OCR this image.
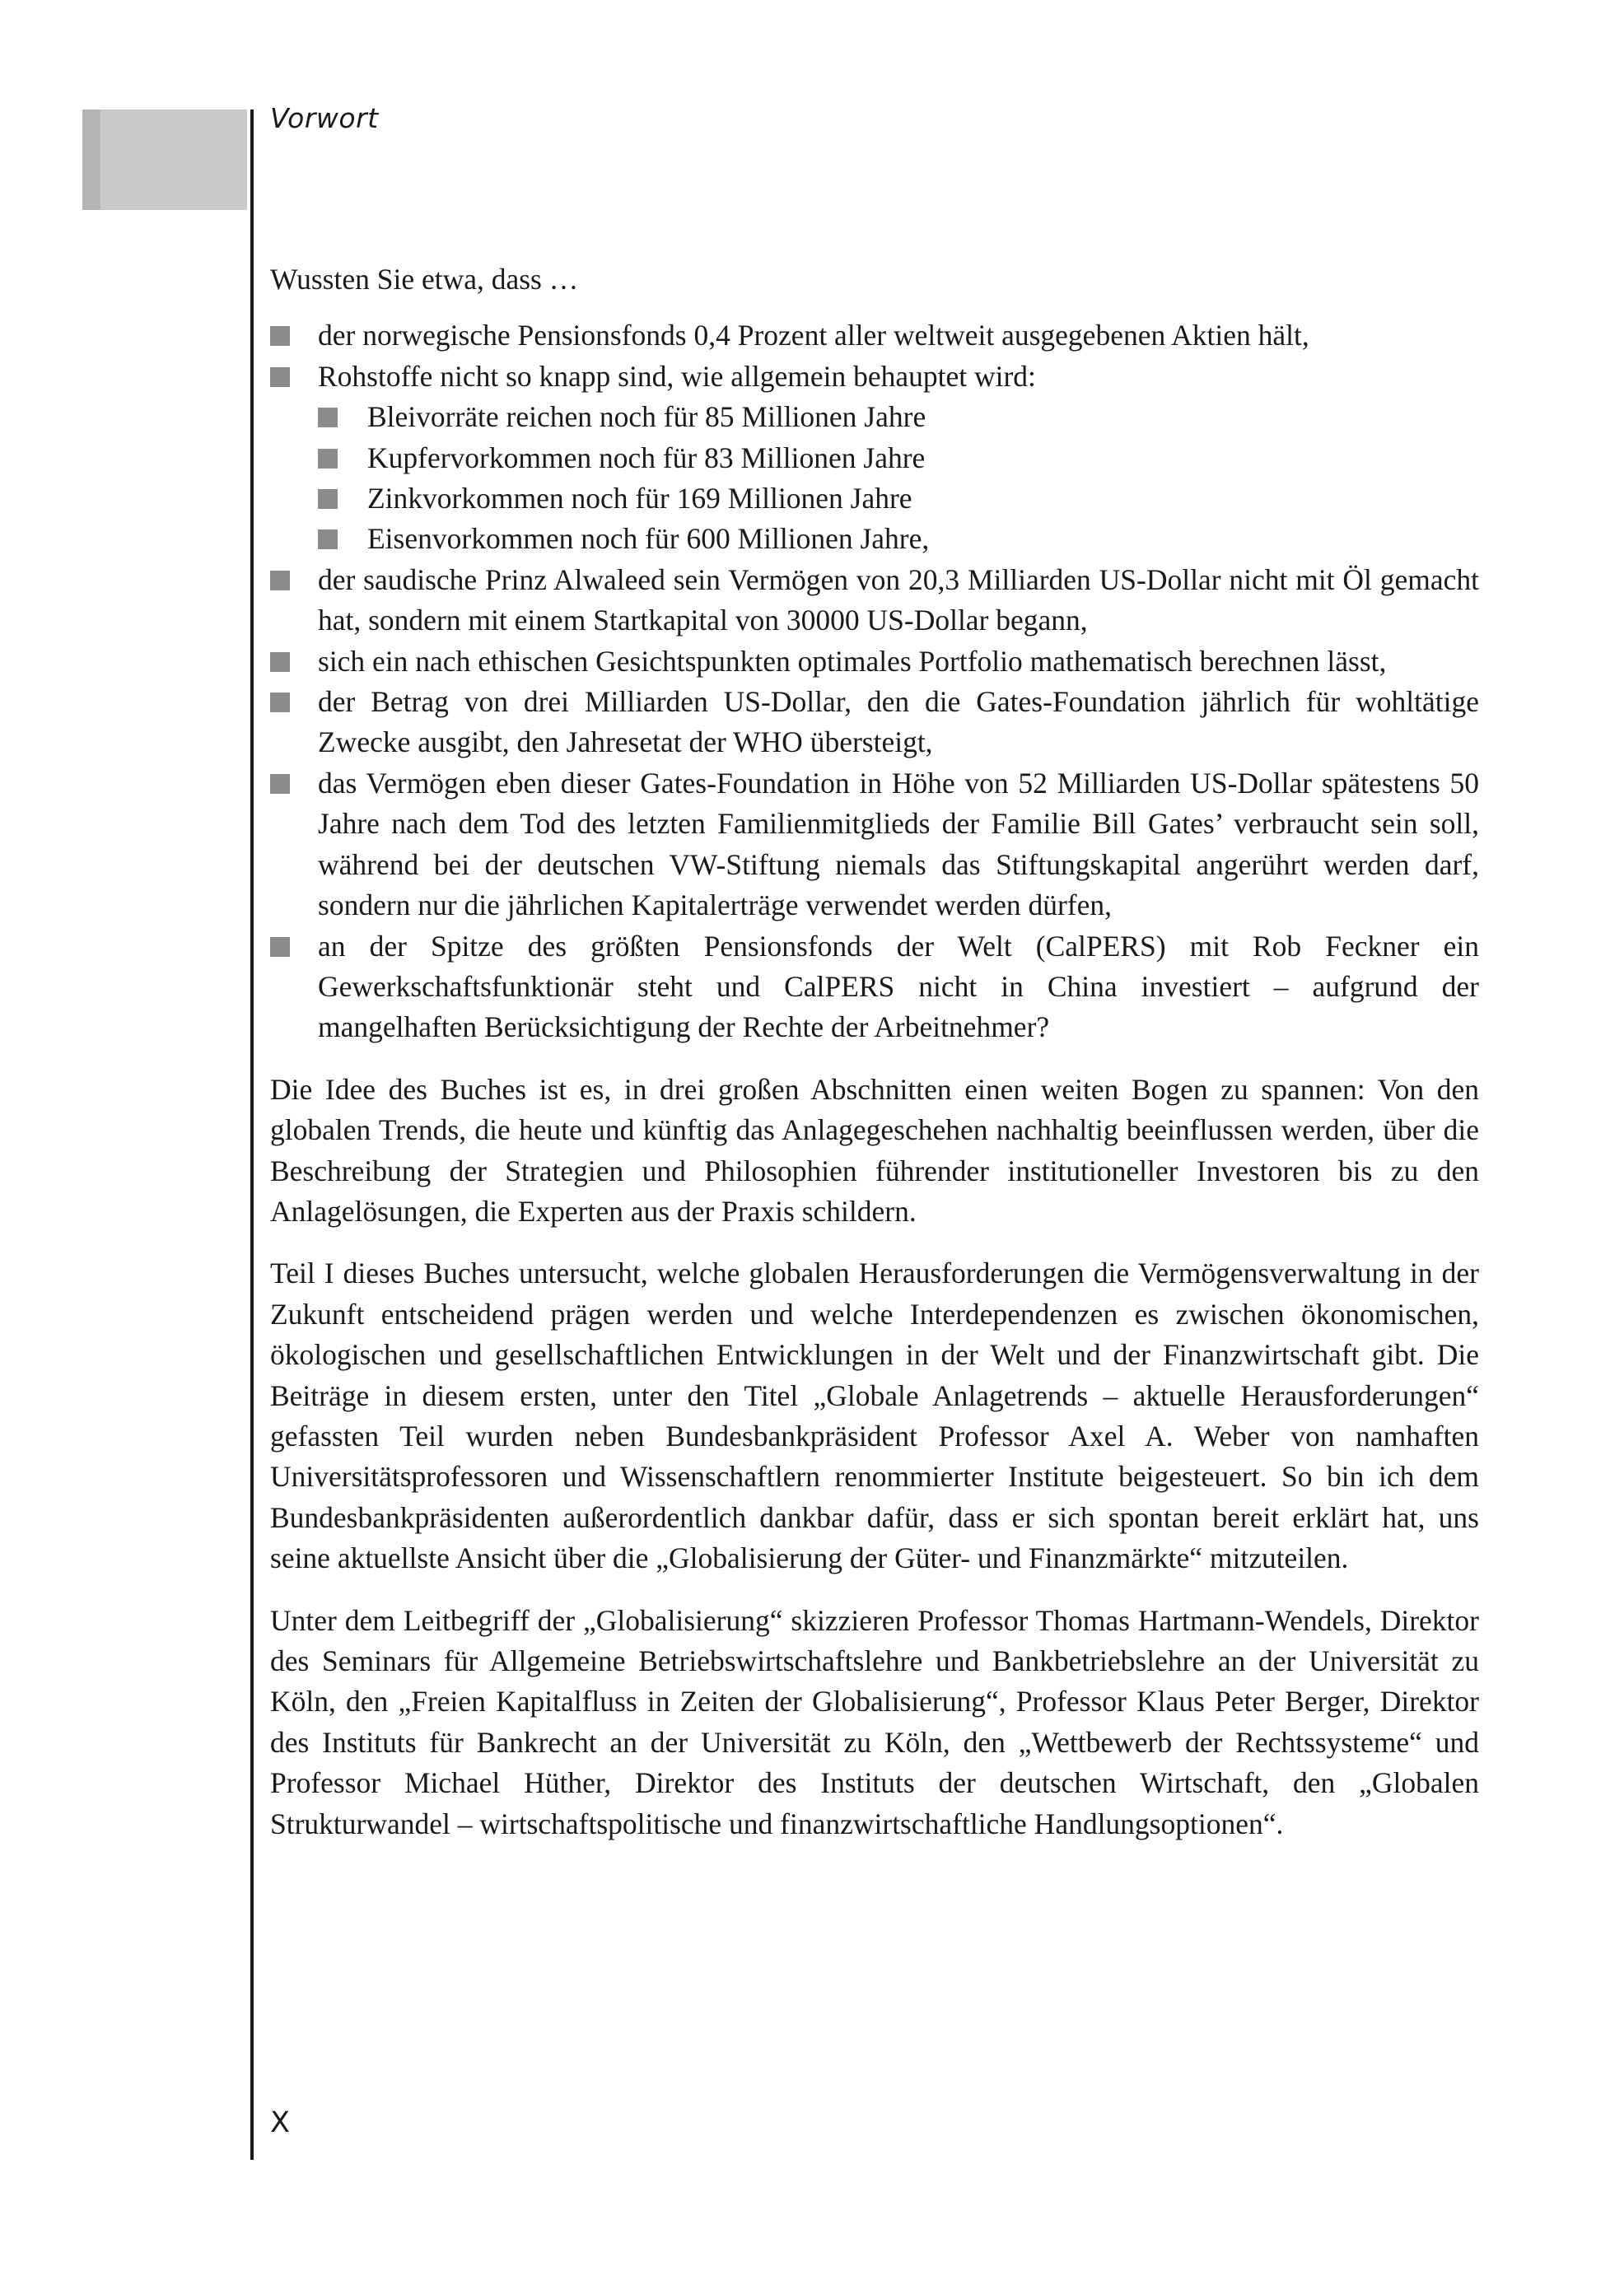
Vorwort

Wussten Sie etwa, dass …

der norwegische Pensionsfonds 0,4 Prozent aller weltweit ausgegebenen Aktien hält,
Rohstoffe nicht so knapp sind, wie allgemein behauptet wird:
Bleivorräte reichen noch für 85 Millionen Jahre
Kupfervorkommen noch für 83 Millionen Jahre
Zinkvorkommen noch für 169 Millionen Jahre
Eisenvorkommen noch für 600 Millionen Jahre,
der saudische Prinz Alwaleed sein Vermögen von 20,3 Milliarden US-Dollar nicht mit Öl gemacht hat, sondern mit einem Startkapital von 30000 US-Dollar begann,
sich ein nach ethischen Gesichtspunkten optimales Portfolio mathematisch berechnen lässt,
der Betrag von drei Milliarden US-Dollar, den die Gates-Foundation jährlich für wohltätige Zwecke ausgibt, den Jahresetat der WHO übersteigt,
das Vermögen eben dieser Gates-Foundation in Höhe von 52 Milliarden US-Dollar spätestens 50 Jahre nach dem Tod des letzten Familienmitglieds der Familie Bill Gates’ verbraucht sein soll, während bei der deutschen VW-Stiftung niemals das Stiftungskapital angerührt werden darf, sondern nur die jährlichen Kapitalerträge verwendet werden dürfen,
an der Spitze des größten Pensionsfonds der Welt (CalPERS) mit Rob Feckner ein Gewerkschaftsfunktionär steht und CalPERS nicht in China investiert – aufgrund der mangelhaften Berücksichtigung der Rechte der Arbeitnehmer?

Die Idee des Buches ist es, in drei großen Abschnitten einen weiten Bogen zu spannen: Von den globalen Trends, die heute und künftig das Anlagegeschehen nachhaltig beeinflussen werden, über die Beschreibung der Strategien und Philosophien führender institutioneller Investoren bis zu den Anlagelösungen, die Experten aus der Praxis schildern.

Teil I dieses Buches untersucht, welche globalen Herausforderungen die Vermögensverwaltung in der Zukunft entscheidend prägen werden und welche Interdependenzen es zwischen ökonomischen, ökologischen und gesellschaftlichen Entwicklungen in der Welt und der Finanzwirtschaft gibt. Die Beiträge in diesem ersten, unter den Titel „Globale Anlagetrends – aktuelle Herausforderungen“ gefassten Teil wurden neben Bundesbankpräsident Professor Axel A. Weber von namhaften Universitätsprofessoren und Wissenschaftlern renommierter Institute beigesteuert. So bin ich dem Bundesbankpräsidenten außerordentlich dankbar dafür, dass er sich spontan bereit erklärt hat, uns seine aktuellste Ansicht über die „Globalisierung der Güter- und Finanzmärkte“ mitzuteilen.

Unter dem Leitbegriff der „Globalisierung“ skizzieren Professor Thomas Hartmann-Wendels, Direktor des Seminars für Allgemeine Betriebswirtschaftslehre und Bankbetriebslehre an der Universität zu Köln, den „Freien Kapitalfluss in Zeiten der Globalisierung“, Professor Klaus Peter Berger, Direktor des Instituts für Bankrecht an der Universität zu Köln, den „Wettbewerb der Rechtssysteme“ und Professor Michael Hüther, Direktor des Instituts der deutschen Wirtschaft, den „Globalen Strukturwandel – wirtschaftspolitische und finanzwirtschaftliche Handlungsoptionen“.

X
